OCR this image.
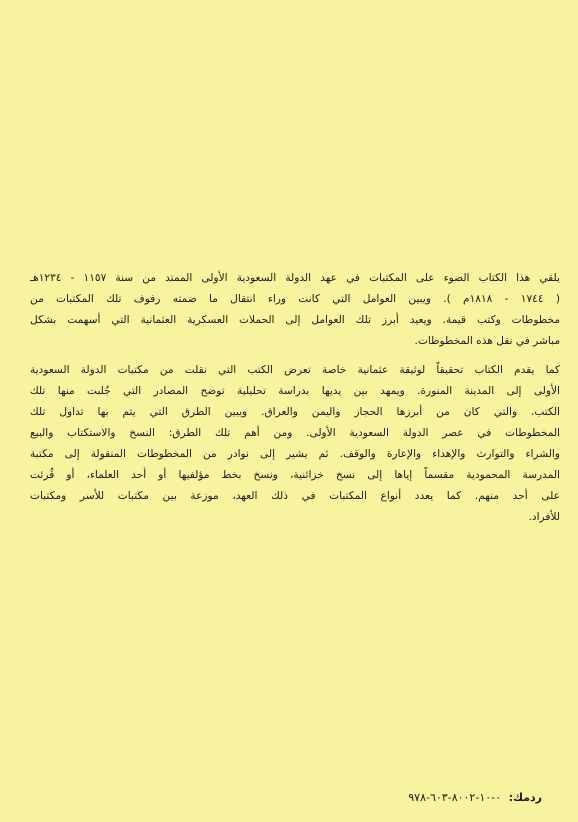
يلقي هذا الكتاب الضوء على المكتبات في عهد الدولة السعودية الأولى الممتد من سنة ١١٥٧ - ١٢٣٤هـ
( ١٧٤٤ - ١٨١٨م ). ويبين العوامل التي كانت وراء انتقال ما ضمته رفوف تلك المكتبات من
مخطوطات وكتب قيمة. ويعيد أبرز تلك العوامل إلى الحملات العسكرية العثمانية التي أسهمت بشكل
مباشر في نقل هذه المخطوطات.
كما يقدم الكتاب تحقيقاً لوثيقة عثمانية خاصة تعرض الكتب التي نقلت من مكتبات الدولة السعودية
الأولى إلى المدينة المنورة. ويمهد بين يديها بدراسة تحليلية توضح المصادر التي جُلبت منها تلك
الكتب. والتي كان من أبرزها الحجاز واليمن والعراق. ويبين الطرق التي يتم بها تداول تلك
المخطوطات في عصر الدولة السعودية الأولى. ومن أهم تلك الطرق: النسخ والاستكتاب والبيع
والشراء والتوارث والإهداء والإعارة والوقف. ثم يشير إلى نوادر من المخطوطات المنقولة إلى مكتبة
المدرسة المحمودية مقسماً إياها إلى نسخ خزائنية، ونسخ بخط مؤلفيها أو أحد العلماء، أو قُرئت
على أحد منهم. كما يعدد أنواع المكتبات في ذلك العهد، موزعة بين مكتبات للأسر ومكتبات
للأفراد.
ردمك: ٠-١٠-٨٠٠٢-٦٠٣-٩٧٨
